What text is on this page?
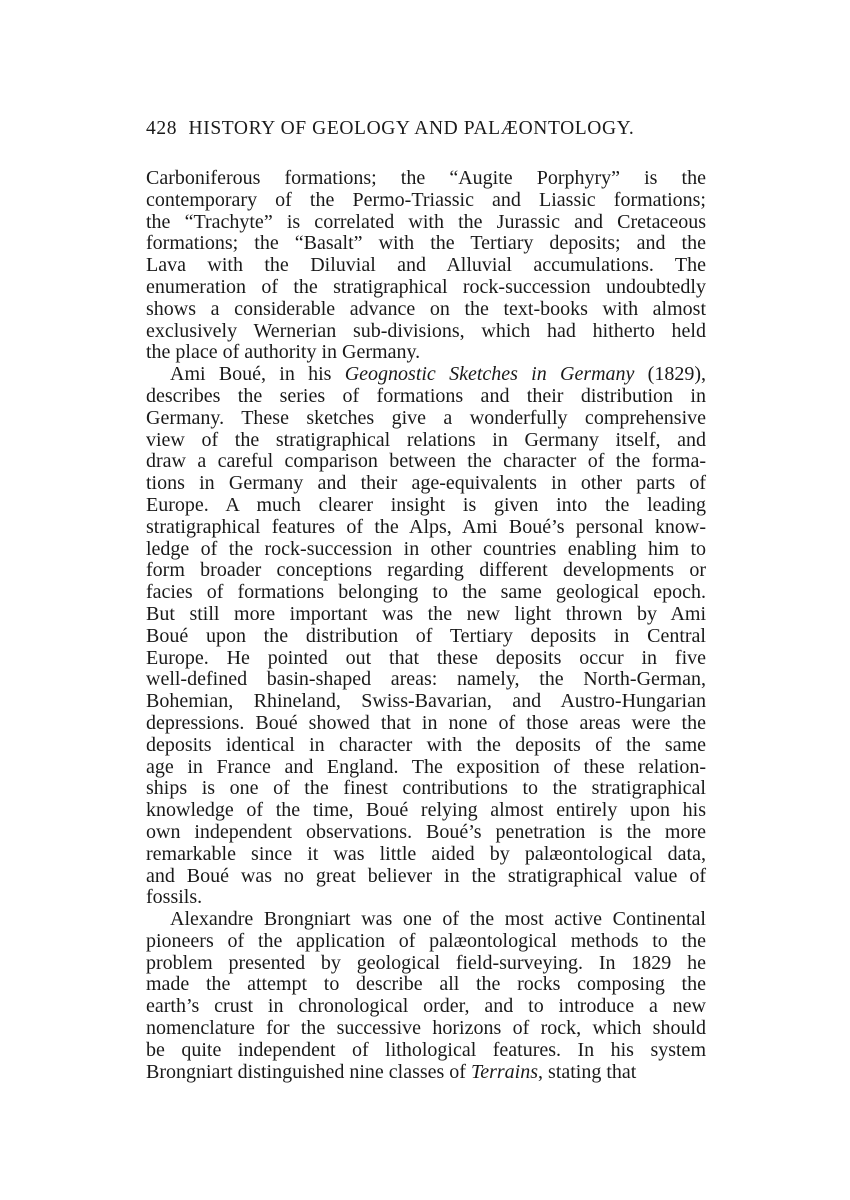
428 HISTORY OF GEOLOGY AND PALÆONTOLOGY.

Carboniferous formations; the “Augite Porphyry” is the
contemporary of the Permo-Triassic and Liassic formations;
the “Trachyte” is correlated with the Jurassic and Cretaceous
formations; the “Basalt” with the Tertiary deposits; and the
Lava with the Diluvial and Alluvial accumulations. The
enumeration of the stratigraphical rock-succession undoubtedly
shows a considerable advance on the text-books with almost
exclusively Wernerian sub-divisions, which had hitherto held
the place of authority in Germany.

Ami Boué, in his Geognostic Sketches in Germany (1829),
describes the series of formations and their distribution in
Germany. These sketches give a wonderfully comprehensive
view of the stratigraphical relations in Germany itself, and
draw a careful comparison between the character of the forma-
tions in Germany and their age-equivalents in other parts of
Europe. A much clearer insight is given into the leading
stratigraphical features of the Alps, Ami Boué’s personal know-
ledge of the rock-succession in other countries enabling him to
form broader conceptions regarding different developments or
facies of formations belonging to the same geological epoch.
But still more important was the new light thrown by Ami
Boué upon the distribution of Tertiary deposits in Central
Europe. He pointed out that these deposits occur in five
well-defined basin-shaped areas: namely, the North-German,
Bohemian, Rhineland, Swiss-Bavarian, and Austro-Hungarian
depressions. Boué showed that in none of those areas were the
deposits identical in character with the deposits of the same
age in France and England. The exposition of these relation-
ships is one of the finest contributions to the stratigraphical
knowledge of the time, Boué relying almost entirely upon his
own independent observations. Boué’s penetration is the more
remarkable since it was little aided by palæontological data,
and Boué was no great believer in the stratigraphical value of
fossils.

Alexandre Brongniart was one of the most active Continental
pioneers of the application of palæontological methods to the
problem presented by geological field-surveying. In 1829 he
made the attempt to describe all the rocks composing the
earth’s crust in chronological order, and to introduce a new
nomenclature for the successive horizons of rock, which should
be quite independent of lithological features. In his system
Brongniart distinguished nine classes of Terrains, stating that
